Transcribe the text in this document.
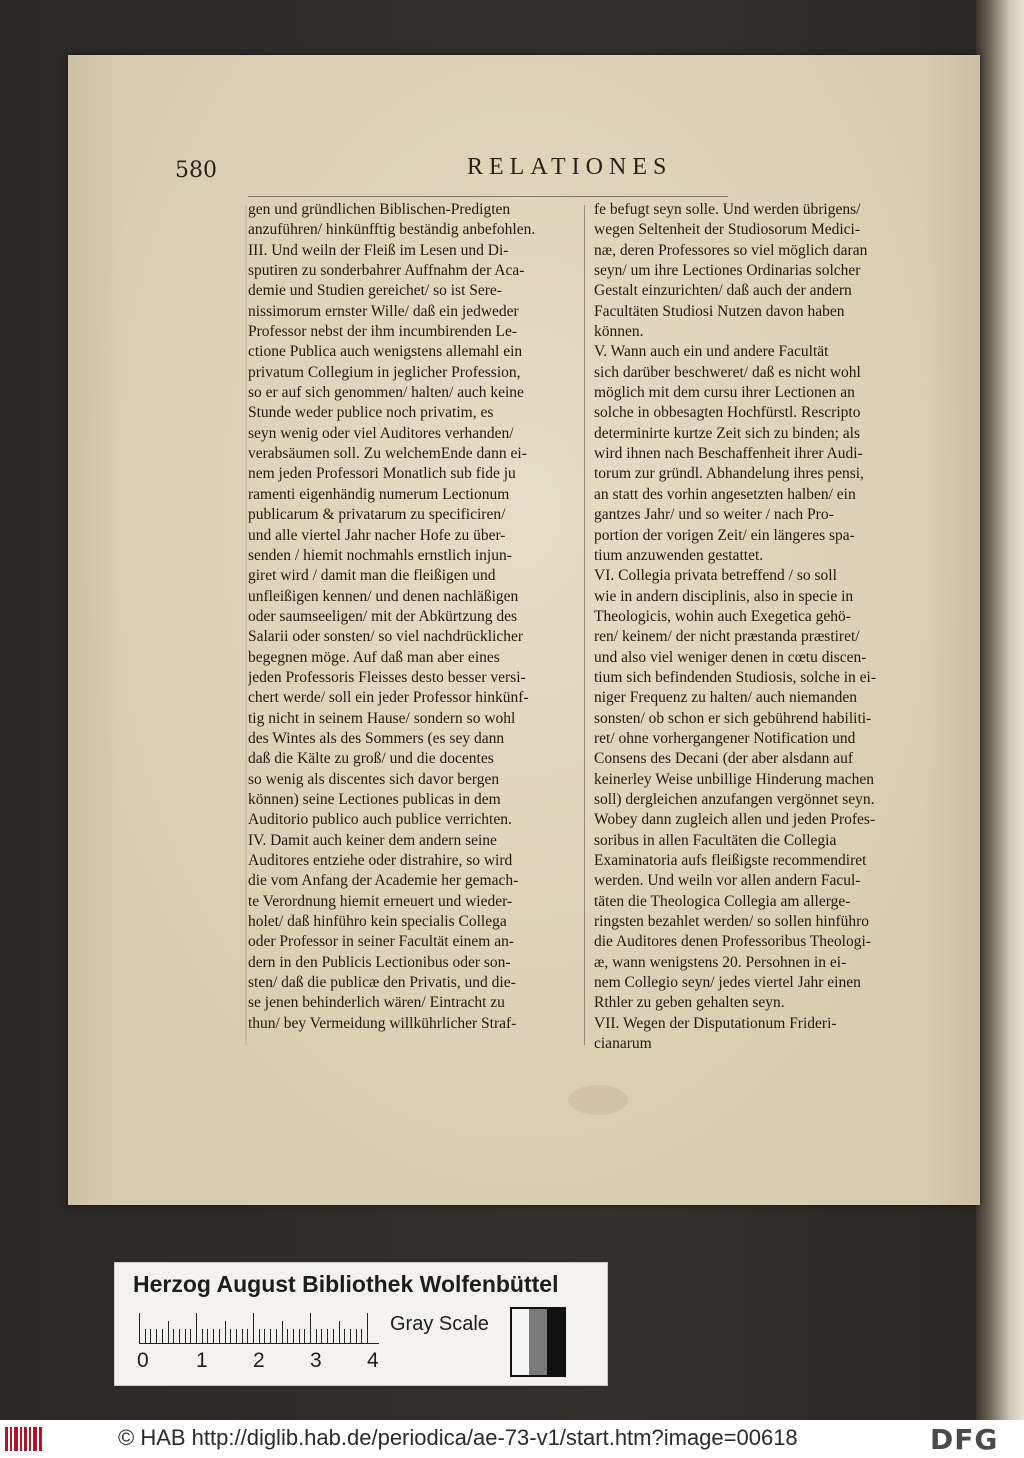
580	RELATIONES
gen und gründlichen Biblischen-Predigten
anzuführen/ hinkünfftig beständig anbefohlen.
III. Und weiln der Fleiß im Lesen und Di-
sputiren zu sonderbahrer Auffnahm der Aca-
demie und Studien gereichet/ so ist Sere-
nissimorum ernster Wille/ daß ein jedweder
Professor nebst der ihm incumbirenden Le-
ctione Publica auch wenigstens allemahl ein
privatum Collegium in jeglicher Profession,
so er auf sich genommen/ halten/ auch keine
Stunde weder publice noch privatim, es
seyn wenig oder viel Auditores verhanden/
verabsäumen soll. Zu welchemEnde dann ei-
nem jeden Professori Monatlich sub fide ju
ramenti eigenhändig numerum Lectionum
publicarum & privatarum zu specificiren/
und alle viertel Jahr nacher Hofe zu über-
senden / hiemit nochmahls ernstlich injun-
giret wird / damit man die fleißigen und
unfleißigen kennen/ und denen nachläßigen
oder saumseeligen/ mit der Abkürtzung des
Salarii oder sonsten/ so viel nachdrücklicher
begegnen möge. Auf daß man aber eines
jeden Professoris Fleisses desto besser versi-
chert werde/ soll ein jeder Professor hinkünf-
tig nicht in seinem Hause/ sondern so wohl
des Wintes als des Sommers (es sey dann
daß die Kälte zu groß/ und die docentes
so wenig als discentes sich davor bergen
können) seine Lectiones publicas in dem
Auditorio publico auch publice verrichten.
IV. Damit auch keiner dem andern seine
Auditores entziehe oder distrahire, so wird
die vom Anfang der Academie her gemach-
te Verordnung hiemit erneuert und wieder-
holet/ daß hinführo kein specialis Collega
oder Professor in seiner Facultät einem an-
dern in den Publicis Lectionibus oder son-
sten/ daß die publicæ den Privatis, und die-
se jenen behinderlich wären/ Eintracht zu
thun/ bey Vermeidung willkührlicher Straf-
fe befugt seyn solle. Und werden übrigens/
wegen Seltenheit der Studiosorum Medici-
næ, deren Professores so viel möglich daran
seyn/ um ihre Lectiones Ordinarias solcher
Gestalt einzurichten/ daß auch der andern
Facultäten Studiosi Nutzen davon haben
können.
V. Wann auch ein und andere Facultät
sich darüber beschweret/ daß es nicht wohl
möglich mit dem cursu ihrer Lectionen an
solche in obbesagten Hochfürstl. Rescripto
determinirte kurtze Zeit sich zu binden; als
wird ihnen nach Beschaffenheit ihrer Audi-
torum zur gründl. Abhandelung ihres pensi,
an statt des vorhin angesetzten halben/ ein
gantzes Jahr/ und so weiter / nach Pro-
portion der vorigen Zeit/ ein längeres spa-
tium anzuwenden gestattet.
VI. Collegia privata betreffend / so soll
wie in andern disciplinis, also in specie in
Theologicis, wohin auch Exegetica gehö-
ren/ keinem/ der nicht præstanda præstiret/
und also viel weniger denen in cœtu discen-
tium sich befindenden Studiosis, solche in ei-
niger Frequenz zu halten/ auch niemanden
sonsten/ ob schon er sich gebührend habiliti-
ret/ ohne vorhergangener Notification und
Consens des Decani (der aber alsdann auf
keinerley Weise unbillige Hinderung machen
soll) dergleichen anzufangen vergönnet seyn.
Wobey dann zugleich allen und jeden Profes-
soribus in allen Facultäten die Collegia
Examinatoria aufs fleißigste recommendiret
werden. Und weiln vor allen andern Facul-
täten die Theologica Collegia am allerge-
ringsten bezahlet werden/ so sollen hinführo
die Auditores denen Professoribus Theologi-
æ, wann wenigstens 20. Persohnen in ei-
nem Collegio seyn/ jedes viertel Jahr einen
Rthler zu geben gehalten seyn.
VII. Wegen der Disputationum Frideri-
cianarum
Herzog August Bibliothek Wolfenbüttel
0 1 2 3 4
Gray Scale
© HAB http://diglib.hab.de/periodica/ae-73-v1/start.htm?image=00618	DFG
